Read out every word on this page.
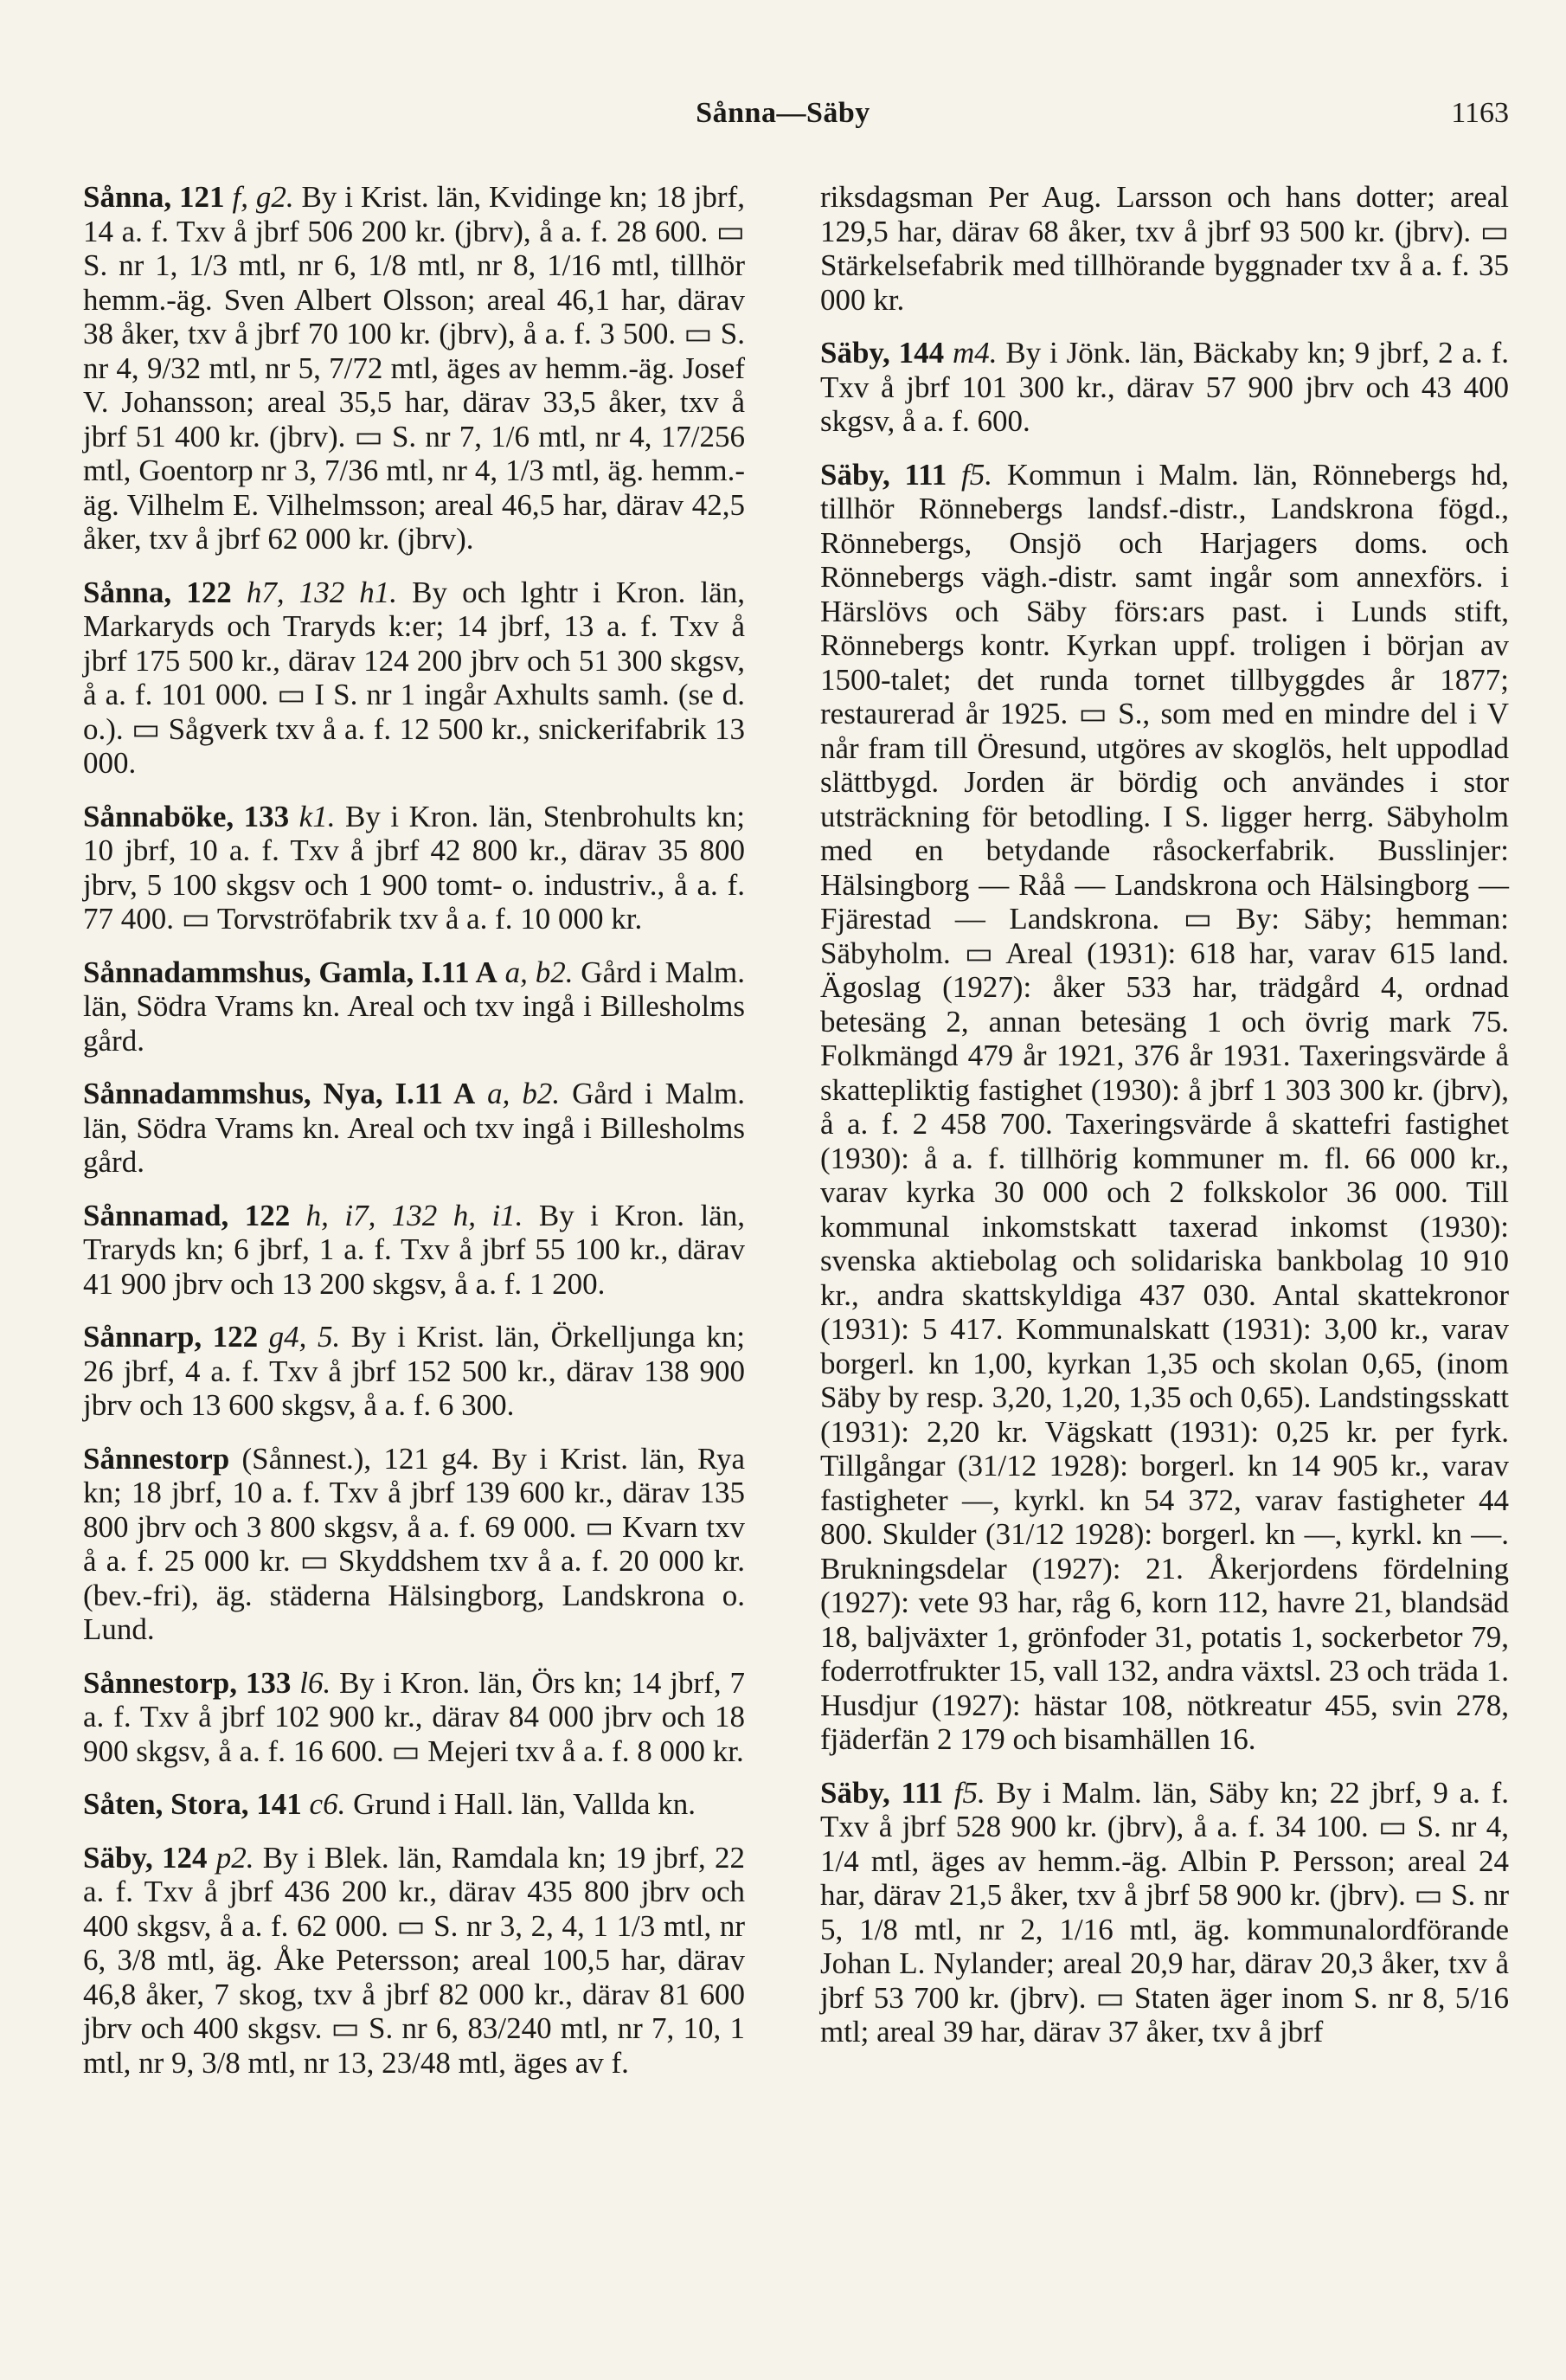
Sånna—Säby	1163

Sånna, 121 f, g2. By i Krist. län, Kvidinge kn; 18 jbrf, 14 a. f. Txv å jbrf 506 200 kr. (jbrv), å a. f. 28 600. ▭ S. nr 1, 1/3 mtl, nr 6, 1/8 mtl, nr 8, 1/16 mtl, tillhör hemm.-äg. Sven Albert Olsson; areal 46,1 har, därav 38 åker, txv å jbrf 70 100 kr. (jbrv), å a. f. 3 500. ▭ S. nr 4, 9/32 mtl, nr 5, 7/72 mtl, äges av hemm.-äg. Josef V. Johansson; areal 35,5 har, därav 33,5 åker, txv å jbrf 51 400 kr. (jbrv). ▭ S. nr 7, 1/6 mtl, nr 4, 17/256 mtl, Goentorp nr 3, 7/36 mtl, nr 4, 1/3 mtl, äg. hemm.-äg. Vilhelm E. Vilhelmsson; areal 46,5 har, därav 42,5 åker, txv å jbrf 62 000 kr. (jbrv).

Sånna, 122 h7, 132 h1. By och lghtr i Kron. län, Markaryds och Traryds k:er; 14 jbrf, 13 a. f. Txv å jbrf 175 500 kr., därav 124 200 jbrv och 51 300 skgsv, å a. f. 101 000. ▭ I S. nr 1 ingår Axhults samh. (se d. o.). ▭ Sågverk txv å a. f. 12 500 kr., snickerifabrik 13 000.

Sånnaböke, 133 k1. By i Kron. län, Stenbrohults kn; 10 jbrf, 10 a. f. Txv å jbrf 42 800 kr., därav 35 800 jbrv, 5 100 skgsv och 1 900 tomt- o. industriv., å a. f. 77 400. ▭ Torvströfabrik txv å a. f. 10 000 kr.

Sånnadammshus, Gamla, I.11 A a, b2. Gård i Malm. län, Södra Vrams kn. Areal och txv ingå i Billesholms gård.

Sånnadammshus, Nya, I.11 A a, b2. Gård i Malm. län, Södra Vrams kn. Areal och txv ingå i Billesholms gård.

Sånnamad, 122 h, i7, 132 h, i1. By i Kron. län, Traryds kn; 6 jbrf, 1 a. f. Txv å jbrf 55 100 kr., därav 41 900 jbrv och 13 200 skgsv, å a. f. 1 200.

Sånnarp, 122 g4, 5. By i Krist. län, Örkelljunga kn; 26 jbrf, 4 a. f. Txv å jbrf 152 500 kr., därav 138 900 jbrv och 13 600 skgsv, å a. f. 6 300.

Sånnestorp (Sånnest.), 121 g4. By i Krist. län, Rya kn; 18 jbrf, 10 a. f. Txv å jbrf 139 600 kr., därav 135 800 jbrv och 3 800 skgsv, å a. f. 69 000. ▭ Kvarn txv å a. f. 25 000 kr. ▭ Skyddshem txv å a. f. 20 000 kr. (bev.-fri), äg. städerna Hälsingborg, Landskrona o. Lund.

Sånnestorp, 133 l6. By i Kron. län, Örs kn; 14 jbrf, 7 a. f. Txv å jbrf 102 900 kr., därav 84 000 jbrv och 18 900 skgsv, å a. f. 16 600. ▭ Mejeri txv å a. f. 8 000 kr.

Såten, Stora, 141 c6. Grund i Hall. län, Vallda kn.

Säby, 124 p2. By i Blek. län, Ramdala kn; 19 jbrf, 22 a. f. Txv å jbrf 436 200 kr., därav 435 800 jbrv och 400 skgsv, å a. f. 62 000. ▭ S. nr 3, 2, 4, 1 1/3 mtl, nr 6, 3/8 mtl, äg. Åke Petersson; areal 100,5 har, därav 46,8 åker, 7 skog, txv å jbrf 82 000 kr., därav 81 600 jbrv och 400 skgsv. ▭ S. nr 6, 83/240 mtl, nr 7, 10, 1 mtl, nr 9, 3/8 mtl, nr 13, 23/48 mtl, äges av f.

riksdagsman Per Aug. Larsson och hans dotter; areal 129,5 har, därav 68 åker, txv å jbrf 93 500 kr. (jbrv). ▭ Stärkelsefabrik med tillhörande byggnader txv å a. f. 35 000 kr.

Säby, 144 m4. By i Jönk. län, Bäckaby kn; 9 jbrf, 2 a. f. Txv å jbrf 101 300 kr., därav 57 900 jbrv och 43 400 skgsv, å a. f. 600.

Säby, 111 f5. Kommun i Malm. län, Rönnebergs hd, tillhör Rönnebergs landsf.-distr., Landskrona fögd., Rönnebergs, Onsjö och Harjagers doms. och Rönnebergs vägh.-distr. samt ingår som annexförs. i Härslövs och Säby förs:ars past. i Lunds stift, Rönnebergs kontr. Kyrkan uppf. troligen i början av 1500-talet; det runda tornet tillbyggdes år 1877; restaurerad år 1925. ▭ S., som med en mindre del i V når fram till Öresund, utgöres av skoglös, helt uppodlad slättbygd. Jorden är bördig och användes i stor utsträckning för betodling. I S. ligger herrg. Säbyholm med en betydande råsockerfabrik. Busslinjer: Hälsingborg — Råå — Landskrona och Hälsingborg — Fjärestad — Landskrona. ▭ By: Säby; hemman: Säbyholm. ▭ Areal (1931): 618 har, varav 615 land. Ägoslag (1927): åker 533 har, trädgård 4, ordnad betesäng 2, annan betesäng 1 och övrig mark 75. Folkmängd 479 år 1921, 376 år 1931. Taxeringsvärde å skattepliktig fastighet (1930): å jbrf 1 303 300 kr. (jbrv), å a. f. 2 458 700. Taxeringsvärde å skattefri fastighet (1930): å a. f. tillhörig kommuner m. fl. 66 000 kr., varav kyrka 30 000 och 2 folkskolor 36 000. Till kommunal inkomstskatt taxerad inkomst (1930): svenska aktiebolag och solidariska bankbolag 10 910 kr., andra skattskyldiga 437 030. Antal skattekronor (1931): 5 417. Kommunalskatt (1931): 3,00 kr., varav borgerl. kn 1,00, kyrkan 1,35 och skolan 0,65, (inom Säby by resp. 3,20, 1,20, 1,35 och 0,65). Landstingsskatt (1931): 2,20 kr. Vägskatt (1931): 0,25 kr. per fyrk. Tillgångar (31/12 1928): borgerl. kn 14 905 kr., varav fastigheter —, kyrkl. kn 54 372, varav fastigheter 44 800. Skulder (31/12 1928): borgerl. kn —, kyrkl. kn —. Brukningsdelar (1927): 21. Åkerjordens fördelning (1927): vete 93 har, råg 6, korn 112, havre 21, blandsäd 18, baljväxter 1, grönfoder 31, potatis 1, sockerbetor 79, foderrotfrukter 15, vall 132, andra växtsl. 23 och träda 1. Husdjur (1927): hästar 108, nötkreatur 455, svin 278, fjäderfän 2 179 och bisamhällen 16.

Säby, 111 f5. By i Malm. län, Säby kn; 22 jbrf, 9 a. f. Txv å jbrf 528 900 kr. (jbrv), å a. f. 34 100. ▭ S. nr 4, 1/4 mtl, äges av hemm.-äg. Albin P. Persson; areal 24 har, därav 21,5 åker, txv å jbrf 58 900 kr. (jbrv). ▭ S. nr 5, 1/8 mtl, nr 2, 1/16 mtl, äg. kommunalordförande Johan L. Nylander; areal 20,9 har, därav 20,3 åker, txv å jbrf 53 700 kr. (jbrv). ▭ Staten äger inom S. nr 8, 5/16 mtl; areal 39 har, därav 37 åker, txv å jbrf
